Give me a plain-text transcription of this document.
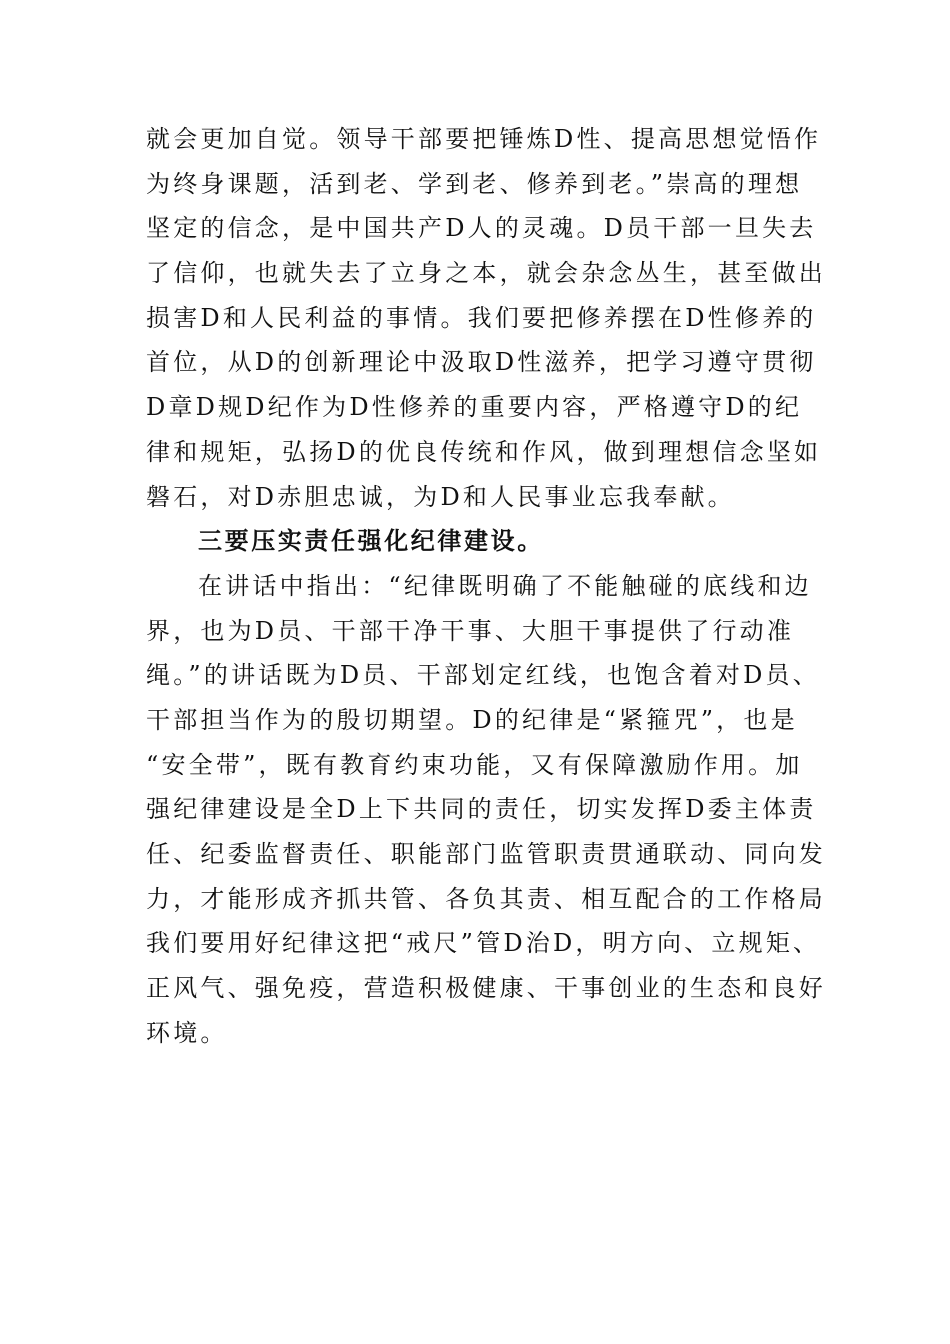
就会更加自觉。领导干部要把锤炼D性、提高思想觉悟作
为终身课题，活到老、学到老、修养到老。”崇高的理想
坚定的信念，是中国共产D人的灵魂。D员干部一旦失去
了信仰，也就失去了立身之本，就会杂念丛生，甚至做出
损害D和人民利益的事情。我们要把修养摆在D性修养的
首位，从D的创新理论中汲取D性滋养，把学习遵守贯彻
D章D规D纪作为D性修养的重要内容，严格遵守D的纪
律和规矩，弘扬D的优良传统和作风，做到理想信念坚如
磐石，对D赤胆忠诚，为D和人民事业忘我奉献。
三要压实责任强化纪律建设。
在讲话中指出：“纪律既明确了不能触碰的底线和边
界，也为D员、干部干净干事、大胆干事提供了行动准
绳。”的讲话既为D员、干部划定红线，也饱含着对D员、
干部担当作为的殷切期望。D的纪律是“紧箍咒”，也是
“安全带”，既有教育约束功能，又有保障激励作用。加
强纪律建设是全D上下共同的责任，切实发挥D委主体责
任、纪委监督责任、职能部门监管职责贯通联动、同向发
力，才能形成齐抓共管、各负其责、相互配合的工作格局
我们要用好纪律这把“戒尺”管D治D，明方向、立规矩、
正风气、强免疫，营造积极健康、干事创业的生态和良好
环境。
